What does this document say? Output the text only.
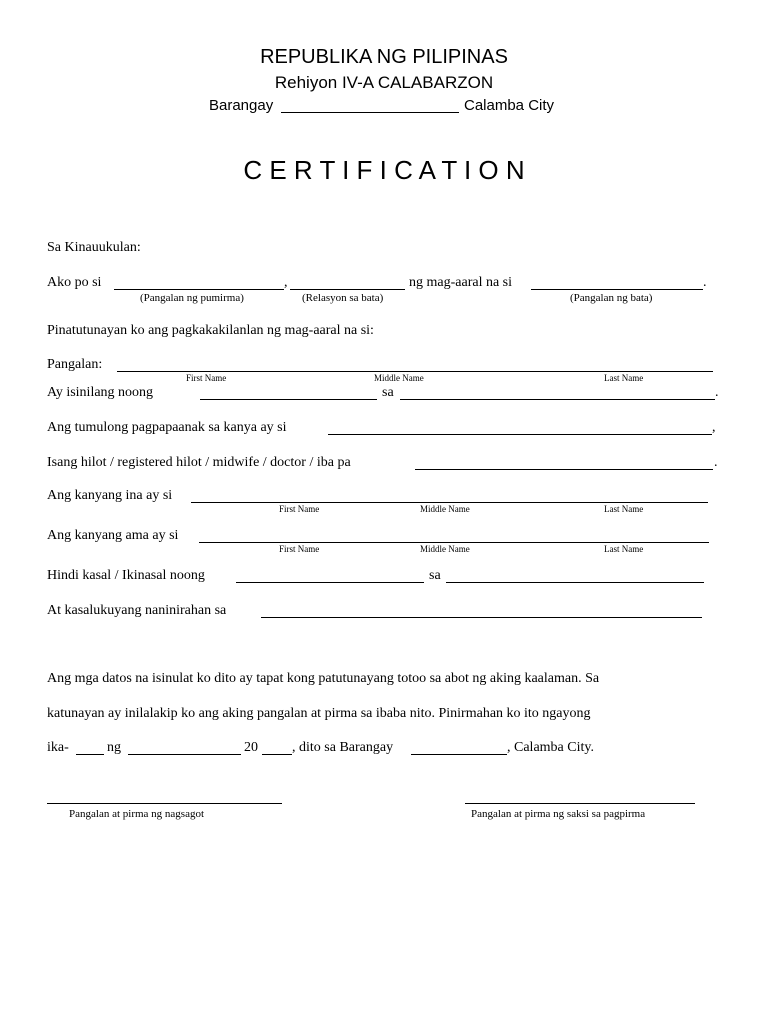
REPUBLIKA NG PILIPINAS
Rehiyon IV-A CALABARZON
Barangay	Calamba City
C E R T I F I C A T I O N
Sa Kinauukulan:
Ako po si	,	ng mag-aaral na si	.
(Pangalan ng pumirma)	(Relasyon sa bata)	(Pangalan ng bata)
Pinatutunayan ko ang pagkakakilanlan ng mag-aaral na si:
Pangalan:
First Name	Middle Name	Last Name
Ay isinilang noong	sa	.
Ang tumulong pagpapaanak sa kanya ay si	,
Isang hilot / registered hilot / midwife / doctor / iba pa	.
Ang kanyang ina ay si
First Name	Middle Name	Last Name
Ang kanyang ama ay si
First Name	Middle Name	Last Name
Hindi kasal / Ikinasal noong	sa
At kasalukuyang naninirahan sa
Ang mga datos na isinulat ko dito ay tapat kong patutunayang totoo sa abot ng aking kaalaman. Sa
katunayan ay inilalakip ko ang aking pangalan at pirma sa ibaba nito. Pinirmahan ko ito ngayong
ika-	ng	20 , dito sa Barangay	, Calamba City.
Pangalan at pirma ng nagsagot	Pangalan at pirma ng saksi sa pagpirma
